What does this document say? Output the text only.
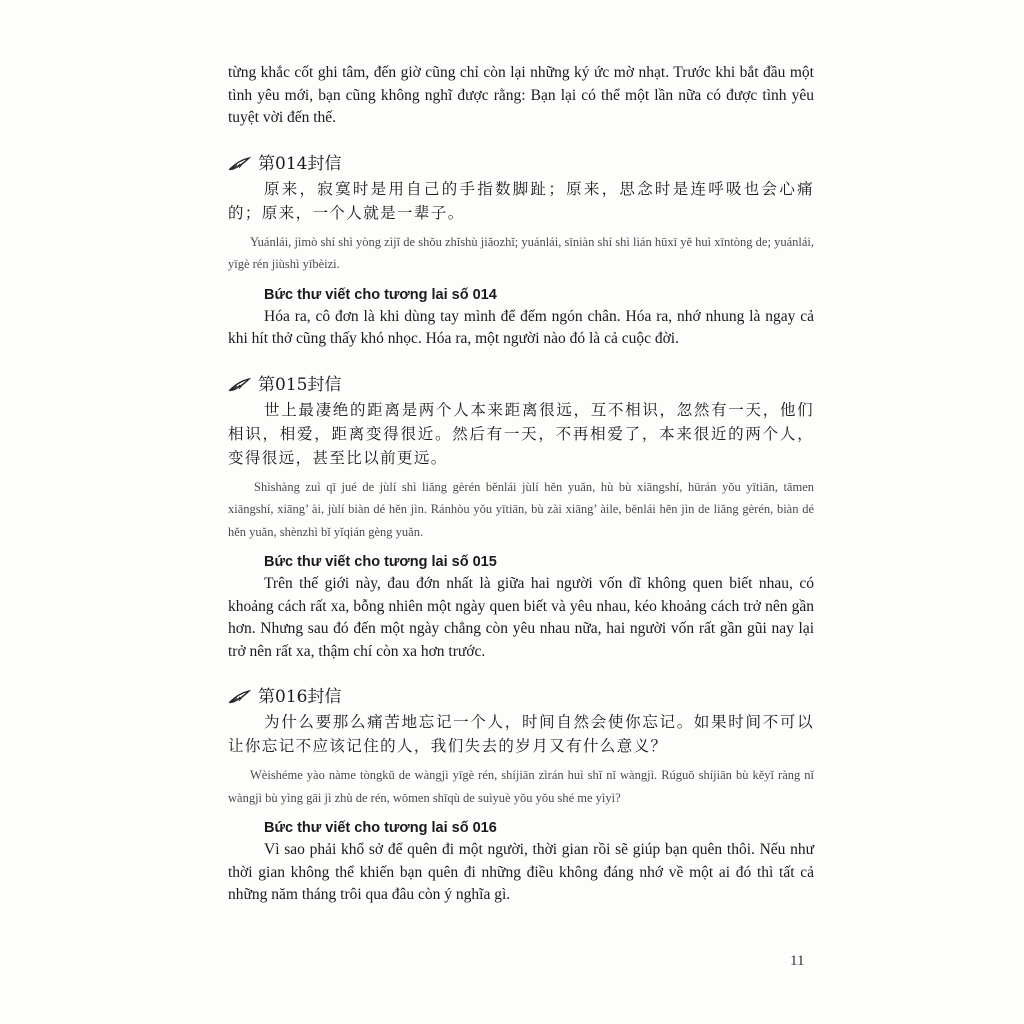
từng khắc cốt ghi tâm, đến giờ cũng chỉ còn lại những ký ức mờ nhạt. Trước khi bắt đầu một tình yêu mới, bạn cũng không nghĩ được rằng: Bạn lại có thể một lần nữa có được tình yêu tuyệt vời đến thế.

第014封信

原来，寂寞时是用自己的手指数脚趾；原来，思念时是连呼吸也会心痛的；原来，一个人就是一辈子。

Yuánlái, jìmò shí shì yòng zìjǐ de shǒu zhǐshù jiǎozhǐ; yuánlái, sīniàn shí shì lián hūxī yě huì xīntòng de; yuánlái, yīgè rén jiùshì yībèizi.

Bức thư viết cho tương lai số 014

Hóa ra, cô đơn là khi dùng tay mình để đếm ngón chân. Hóa ra, nhớ nhung là ngay cả khi hít thở cũng thấy khó nhọc. Hóa ra, một người nào đó là cả cuộc đời.

第015封信

世上最凄绝的距离是两个人本来距离很远，互不相识，忽然有一天，他们相识，相爱，距离变得很近。然后有一天，不再相爱了，本来很近的两个人，变得很远，甚至比以前更远。

Shìshàng zuì qī jué de jùlí shì liǎng gèrén běnlái jùlí hěn yuǎn, hù bù xiāngshí, hūrán yǒu yītiān, tāmen xiāngshí, xiāng’ ài, jùlí biàn dé hěn jìn. Ránhòu yǒu yītiān, bù zài xiāng’ àile, běnlái hěn jìn de liǎng gèrén, biàn dé hěn yuǎn, shènzhì bǐ yǐqián gèng yuǎn.

Bức thư viết cho tương lai số 015

Trên thế giới này, đau đớn nhất là giữa hai người vốn dĩ không quen biết nhau, có khoảng cách rất xa, bỗng nhiên một ngày quen biết và yêu nhau, kéo khoảng cách trở nên gần hơn. Nhưng sau đó đến một ngày chẳng còn yêu nhau nữa, hai người vốn rất gần gũi nay lại trở nên rất xa, thậm chí còn xa hơn trước.

第016封信

为什么要那么痛苦地忘记一个人，时间自然会使你忘记。如果时间不可以让你忘记不应该记住的人，我们失去的岁月又有什么意义？

Wèishéme yào nàme tòngkǔ de wàngjì yīgè rén, shíjiān zìrán huì shǐ nǐ wàngjì. Rúguǒ shíjiān bù kěyǐ ràng nǐ wàngjì bù yìng gāi jì zhù de rén, wǒmen shīqù de suìyuè yǒu yǒu shé me yìyì?

Bức thư viết cho tương lai số 016

Vì sao phải khổ sở để quên đi một người, thời gian rồi sẽ giúp bạn quên thôi. Nếu như thời gian không thể khiến bạn quên đi những điều không đáng nhớ về một ai đó thì tất cả những năm tháng trôi qua đâu còn ý nghĩa gì.

11
